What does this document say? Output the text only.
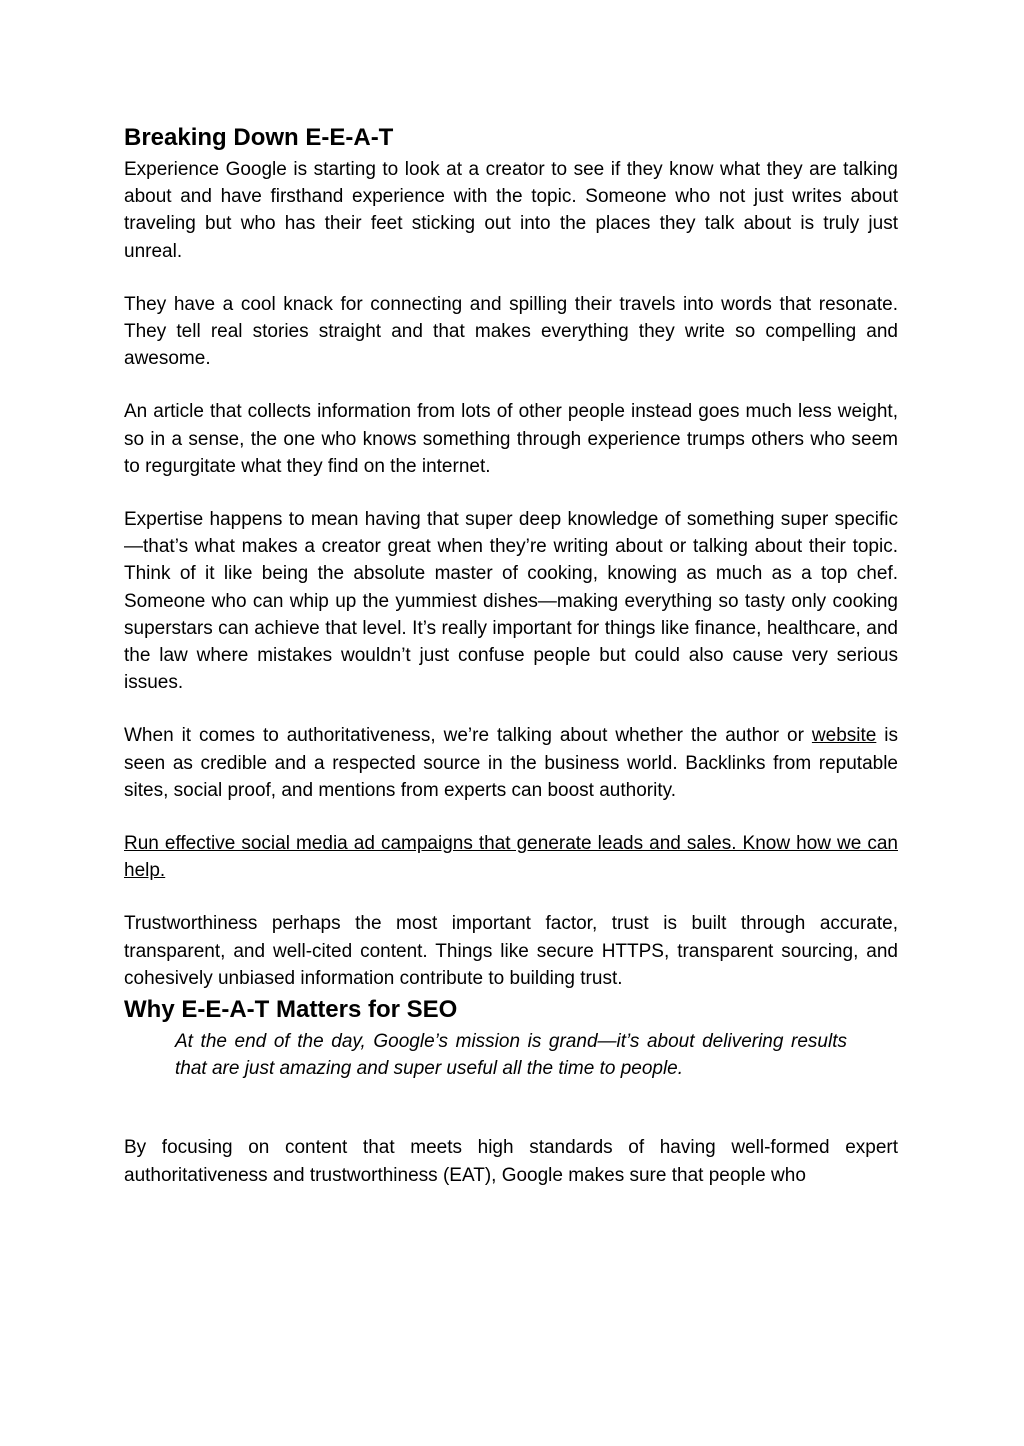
Breaking Down E-E-A-T

Experience Google is starting to look at a creator to see if they know what they are talking about and have firsthand experience with the topic. Someone who not just writes about traveling but who has their feet sticking out into the places they talk about is truly just unreal.

They have a cool knack for connecting and spilling their travels into words that resonate. They tell real stories straight and that makes everything they write so compelling and awesome.

An article that collects information from lots of other people instead goes much less weight, so in a sense, the one who knows something through experience trumps others who seem to regurgitate what they find on the internet.

Expertise happens to mean having that super deep knowledge of something super specific—that’s what makes a creator great when they’re writing about or talking about their topic. Think of it like being the absolute master of cooking, knowing as much as a top chef. Someone who can whip up the yummiest dishes—making everything so tasty only cooking superstars can achieve that level. It’s really important for things like finance, healthcare, and the law where mistakes wouldn’t just confuse people but could also cause very serious issues.

When it comes to authoritativeness, we’re talking about whether the author or website is seen as credible and a respected source in the business world. Backlinks from reputable sites, social proof, and mentions from experts can boost authority.

Run effective social media ad campaigns that generate leads and sales. Know how we can help.

Trustworthiness perhaps the most important factor, trust is built through accurate, transparent, and well-cited content. Things like secure HTTPS, transparent sourcing, and cohesively unbiased information contribute to building trust.

Why E-E-A-T Matters for SEO
At the end of the day, Google’s mission is grand—it’s about delivering results that are just amazing and super useful all the time to people.

By focusing on content that meets high standards of having well-formed expert authoritativeness and trustworthiness (EAT), Google makes sure that people who
